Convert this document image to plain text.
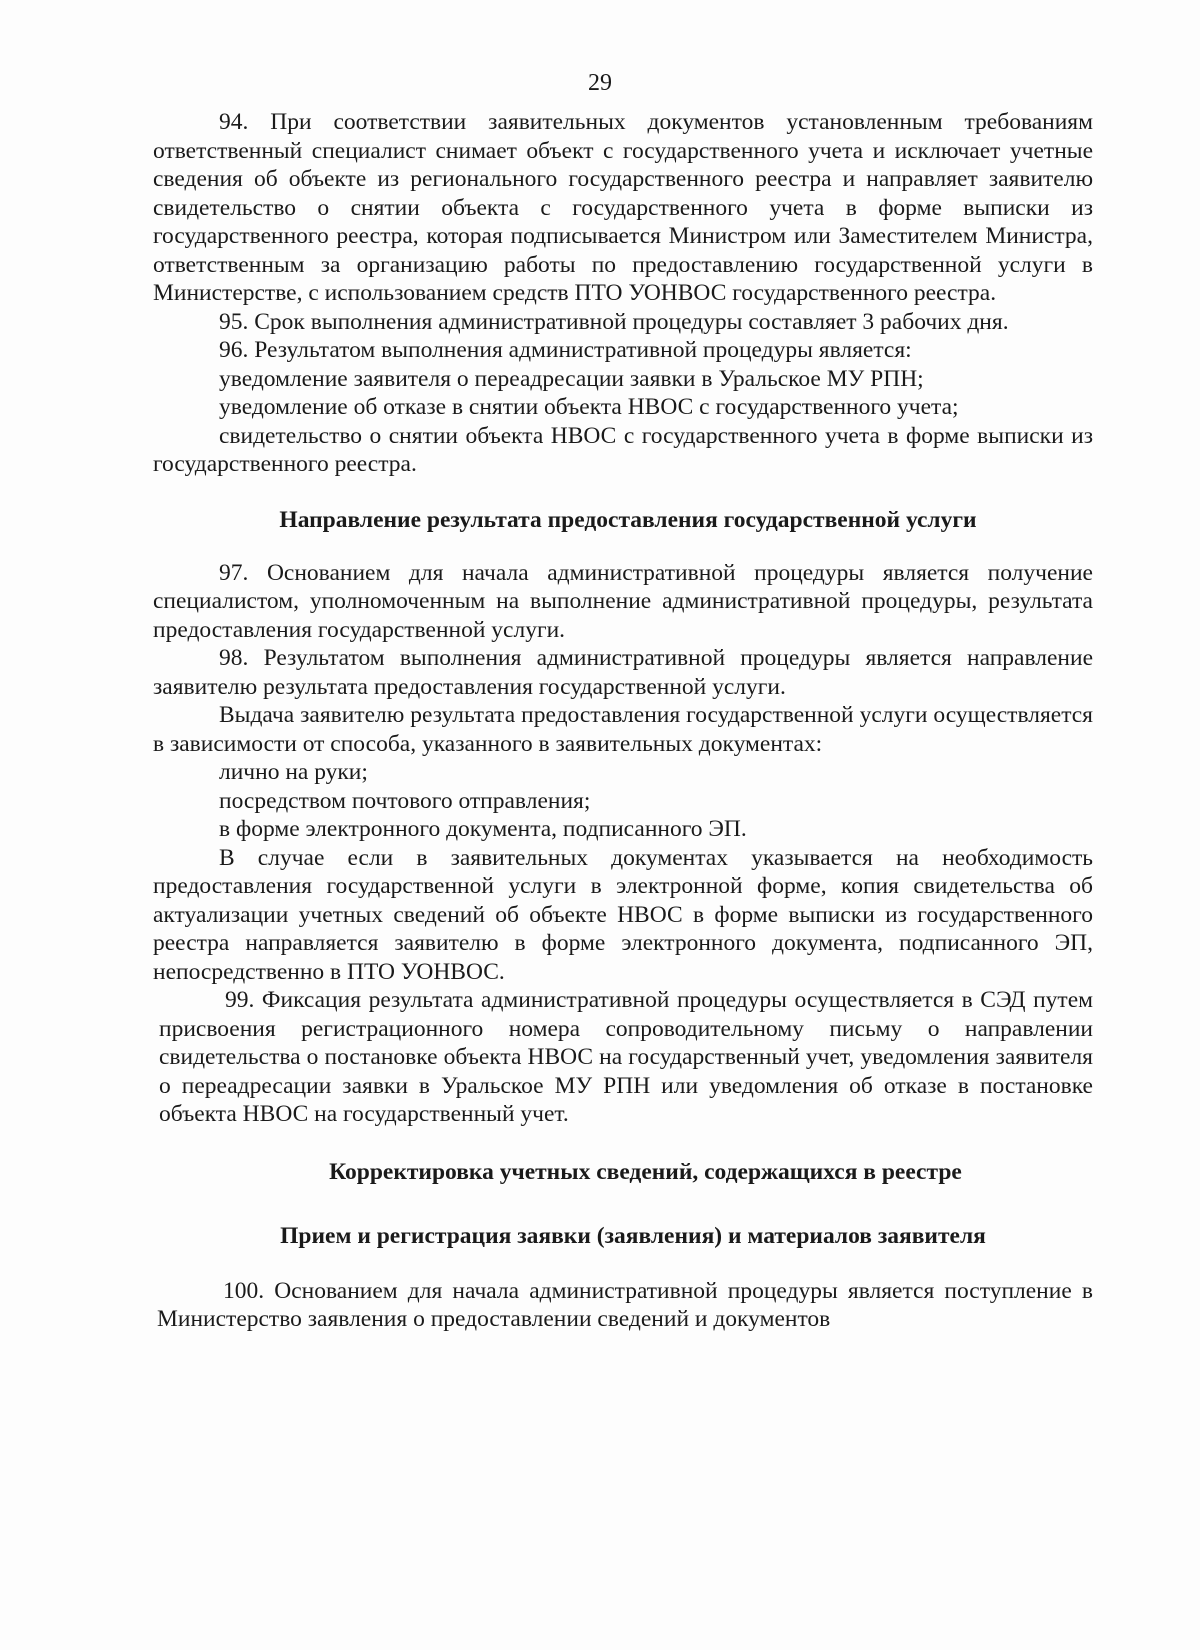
29

94. При соответствии заявительных документов установленным требованиям ответственный специалист снимает объект с государственного учета и исключает учетные сведения об объекте из регионального государственного реестра и направляет заявителю свидетельство о снятии объекта с государственного учета в форме выписки из государственного реестра, которая подписывается Министром или Заместителем Министра, ответственным за организацию работы по предоставлению государственной услуги в Министерстве, с использованием средств ПТО УОНВОС государственного реестра.

95. Срок выполнения административной процедуры составляет 3 рабочих дня.

96. Результатом выполнения административной процедуры является:

уведомление заявителя о переадресации заявки в Уральское МУ РПН;

уведомление об отказе в снятии объекта НВОС с государственного учета;

свидетельство о снятии объекта НВОС с государственного учета в форме выписки из государственного реестра.

Направление результата предоставления государственной услуги

97. Основанием для начала административной процедуры является получение специалистом, уполномоченным на выполнение административной процедуры, результата предоставления государственной услуги.

98. Результатом выполнения административной процедуры является направление заявителю результата предоставления государственной услуги.

Выдача заявителю результата предоставления государственной услуги осуществляется в зависимости от способа, указанного в заявительных документах:

лично на руки;

посредством почтового отправления;

в форме электронного документа, подписанного ЭП.

В случае если в заявительных документах указывается на необходимость предоставления государственной услуги в электронной форме, копия свидетельства об актуализации учетных сведений об объекте НВОС в форме выписки из государственного реестра направляется заявителю в форме электронного документа, подписанного ЭП, непосредственно в ПТО УОНВОС.

99. Фиксация результата административной процедуры осуществляется в СЭД путем присвоения регистрационного номера сопроводительному письму о направлении свидетельства о постановке объекта НВОС на государственный учет, уведомления заявителя о переадресации заявки в Уральское МУ РПН или уведомления об отказе в постановке объекта НВОС на государственный учет.

Корректировка учетных сведений, содержащихся в реестре
Прием и регистрация заявки (заявления) и материалов заявителя

100. Основанием для начала административной процедуры является поступление в Министерство заявления о предоставлении сведений и документов
